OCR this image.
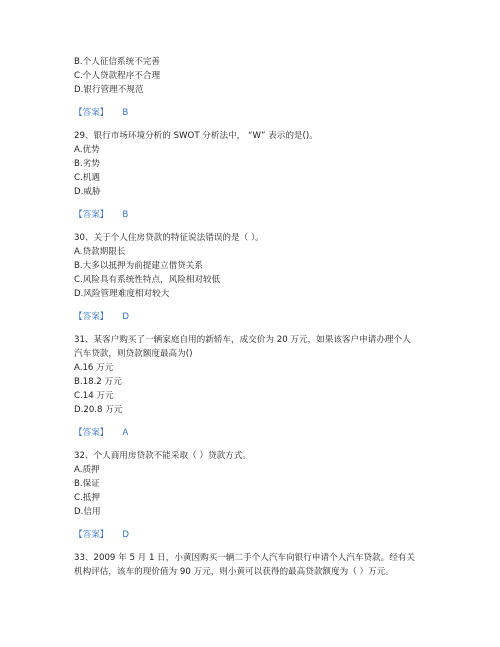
B.个人征信系统不完善
C.个人贷款程序不合理
D.银行管理不规范
【答案】 B
29、银行市场环境分析的 SWOT 分析法中， “W” 表示的是()。
A.优势
B.劣势
C.机遇
D.威胁
【答案】 B
30、关于个人住房贷款的特征说法错误的是（ ）。
A.贷款期限长
B.大多以抵押为前提建立借贷关系
C.风险具有系统性特点，风险相对较低
D.风险管理难度相对较大
【答案】 D
31、某客户购买了一辆家庭自用的新轿车，成交价为 20 万元，如果该客户申请办理个人
汽车贷款，则贷款额度最高为()
A.16 万元
B.18.2 万元
C.14 万元
D.20.8 万元
【答案】 A
32、个人商用房贷款不能采取（ ）贷款方式。
A.质押
B.保证
C.抵押
D.信用
【答案】 D
33、2009 年 5 月 1 日，小黄因购买一辆二手个人汽车向银行申请个人汽车贷款。经有关
机构评估，该车的现价值为 90 万元，则小黄可以获得的最高贷款额度为（ ）万元。
